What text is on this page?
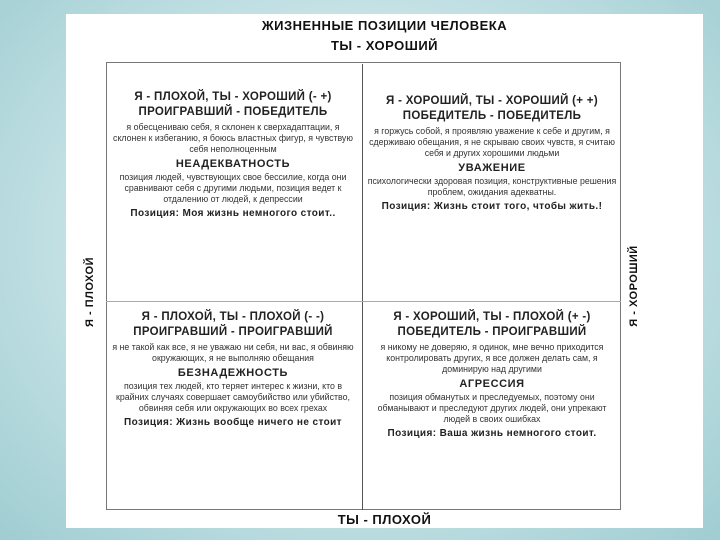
ЖИЗНЕННЫЕ ПОЗИЦИИ ЧЕЛОВЕКА
ТЫ - ХОРОШИЙ
Я - ПЛОХОЙ	Я - ХОРОШИЙ
ТЫ - ПЛОХОЙ
Я - ПЛОХОЙ, ТЫ - ХОРОШИЙ (- +)
ПРОИГРАВШИЙ - ПОБЕДИТЕЛЬ
я обесцениваю себя, я склонен к сверхадаптации, я склонен к избеганию, я боюсь властных фигур, я чувствую себя неполноценным
НЕАДЕКВАТНОСТЬ
позиция людей, чувствующих свое бессилие, когда они сравнивают себя с другими людьми, позиция ведет к отдалению от людей, к депрессии
Позиция: Моя жизнь немногого стоит..
Я - ХОРОШИЙ, ТЫ - ХОРОШИЙ (+ +)
ПОБЕДИТЕЛЬ - ПОБЕДИТЕЛЬ
я горжусь собой, я проявляю уважение к себе и другим, я сдерживаю обещания, я не скрываю своих чувств, я считаю себя и других хорошими людьми
УВАЖЕНИЕ
психологически здоровая позиция, конструктивные решения проблем, ожидания адекватны.
Позиция: Жизнь стоит того, чтобы жить.!
Я - ПЛОХОЙ, ТЫ - ПЛОХОЙ (- -)
ПРОИГРАВШИЙ - ПРОИГРАВШИЙ
я не такой как все, я не уважаю ни себя, ни вас, я обвиняю окружающих, я не выполняю обещания
БЕЗНАДЕЖНОСТЬ
позиция тех людей, кто теряет интерес к жизни, кто в крайних случаях совершает самоубийство или убийство, обвиняя себя или окружающих во всех грехах
Позиция: Жизнь вообще ничего не стоит
Я - ХОРОШИЙ, ТЫ - ПЛОХОЙ (+ -)
ПОБЕДИТЕЛЬ - ПРОИГРАВШИЙ
я никому не доверяю, я одинок, мне вечно приходится контролировать других, я все должен делать сам, я доминирую над другими
АГРЕССИЯ
позиция обманутых и преследуемых, поэтому они обманывают и преследуют других людей, они упрекают людей в своих ошибках
Позиция: Ваша жизнь немногого стоит.
